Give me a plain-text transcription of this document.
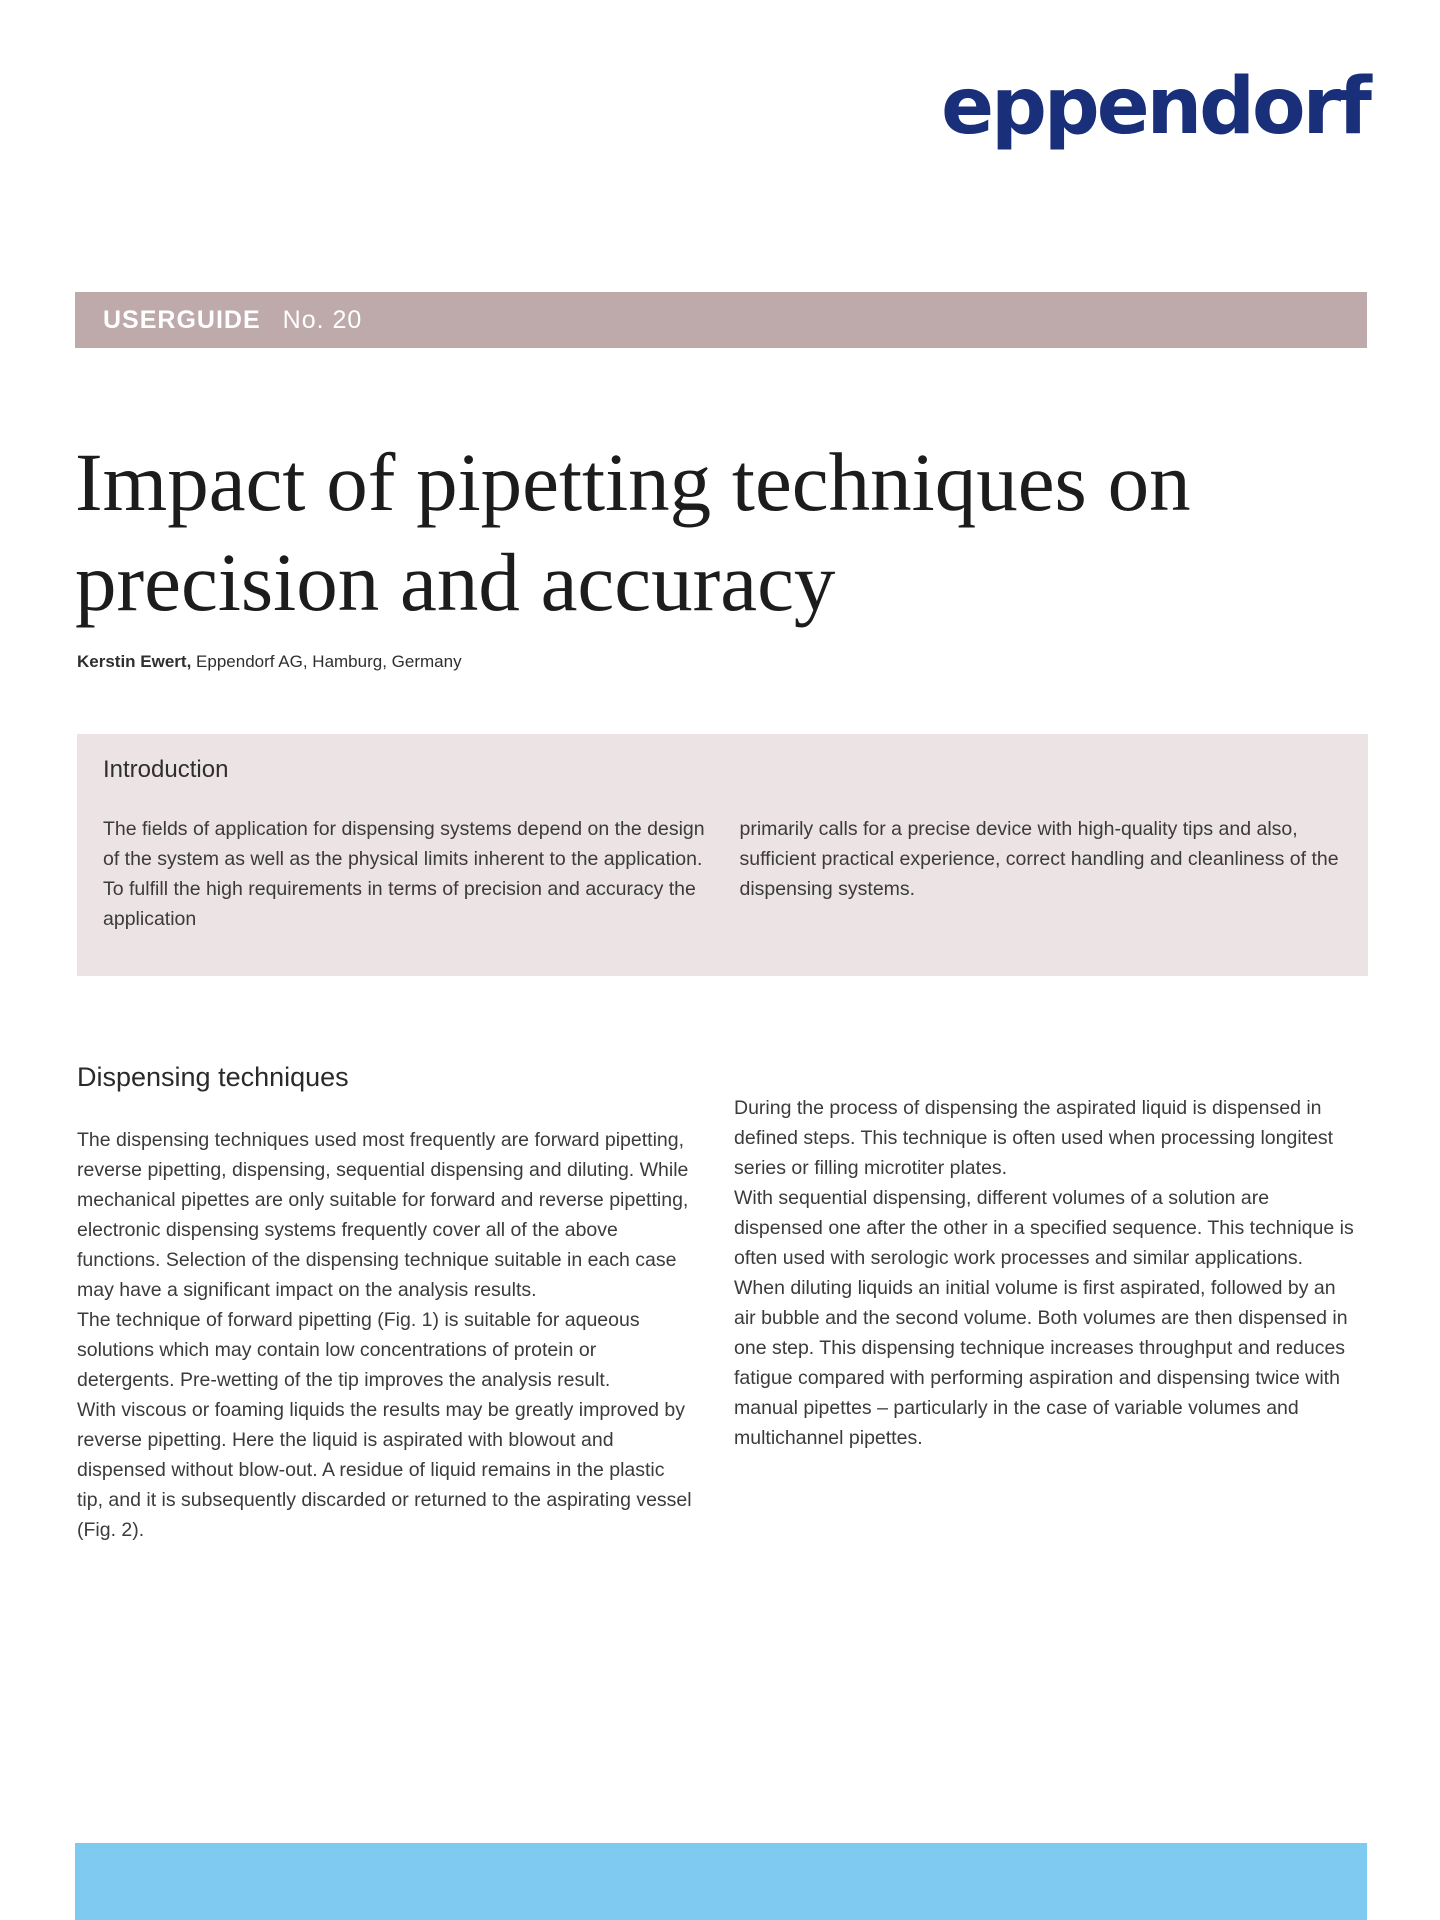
eppendorf
USERGUIDE No. 20
Impact of pipetting techniques on
precision and accuracy
Kerstin Ewert, Eppendorf AG, Hamburg, Germany
Introduction
The fields of application for dispensing systems depend on the design of the system as well as the physical limits inherent to the application. To fulfill the high requirements in terms of precision and accuracy the application
primarily calls for a precise device with high-quality tips and also, sufficient practical experience, correct handling and cleanliness of the dispensing systems.
Dispensing techniques

The dispensing techniques used most frequently are forward pipetting, reverse pipetting, dispensing, sequential dispensing and diluting. While mechanical pipettes are only suitable for forward and reverse pipetting, electronic dispensing systems frequently cover all of the above functions. Selection of the dispensing technique suitable in each case may have a significant impact on the analysis results.

The technique of forward pipetting (Fig. 1) is suitable for aqueous solutions which may contain low concentrations of protein or detergents. Pre-wetting of the tip improves the analysis result.

With viscous or foaming liquids the results may be greatly improved by reverse pipetting. Here the liquid is aspirated with blowout and dispensed without blow-out. A residue of liquid remains in the plastic tip, and it is subsequently discarded or returned to the aspirating vessel (Fig. 2).

During the process of dispensing the aspirated liquid is dispensed in defined steps. This technique is often used when processing longitest series or filling microtiter plates.

With sequential dispensing, different volumes of a solution are dispensed one after the other in a specified sequence. This technique is often used with serologic work processes and similar applications.

When diluting liquids an initial volume is first aspirated, followed by an air bubble and the second volume. Both volumes are then dispensed in one step. This dispensing technique increases throughput and reduces fatigue compared with performing aspiration and dispensing twice with manual pipettes – particularly in the case of variable volumes and multichannel pipettes.
